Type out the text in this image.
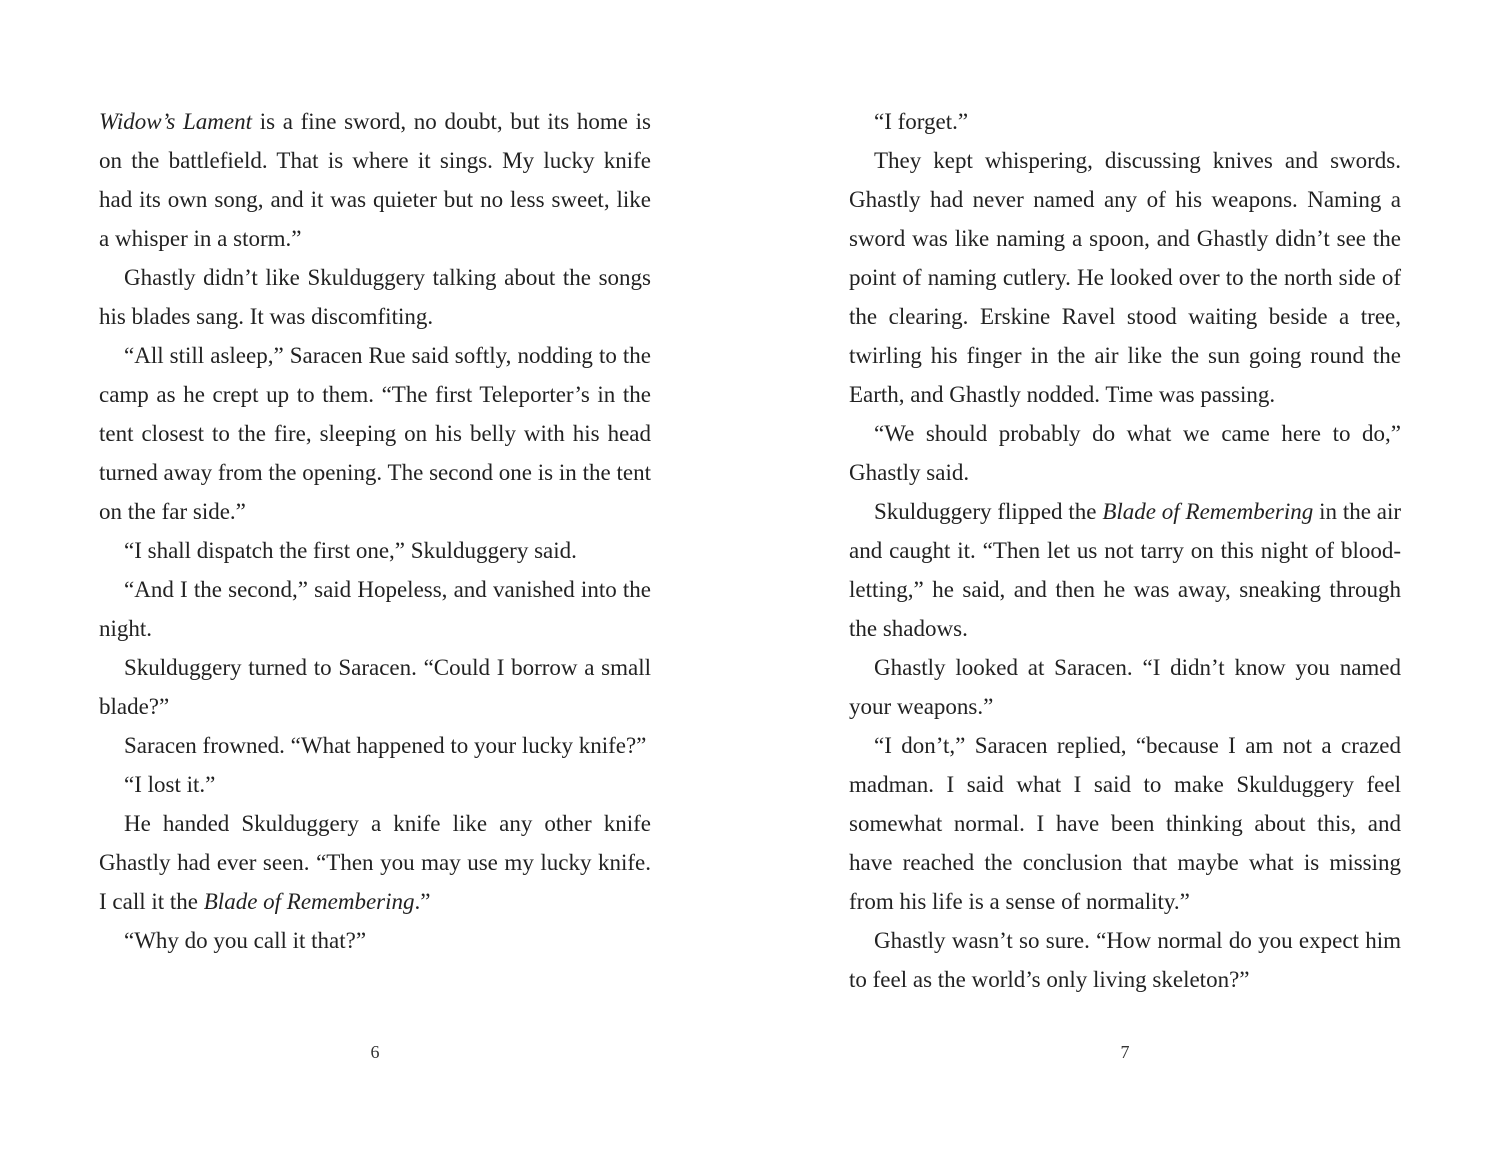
Widow’s Lament is a fine sword, no doubt, but its home is on the battlefield. That is where it sings. My lucky knife had its own song, and it was quieter but no less sweet, like a whisper in a storm.”

Ghastly didn’t like Skulduggery talking about the songs his blades sang. It was discomfiting.

“All still asleep,” Saracen Rue said softly, nodding to the camp as he crept up to them. “The first Teleporter’s in the tent closest to the fire, sleeping on his belly with his head turned away from the opening. The second one is in the tent on the far side.”

“I shall dispatch the first one,” Skulduggery said.

“And I the second,” said Hopeless, and vanished into the night.

Skulduggery turned to Saracen. “Could I borrow a small blade?”

Saracen frowned. “What happened to your lucky knife?”

“I lost it.”

He handed Skulduggery a knife like any other knife Ghastly had ever seen. “Then you may use my lucky knife. I call it the Blade of Remembering.”

“Why do you call it that?”

6

“I forget.”

They kept whispering, discussing knives and swords. Ghastly had never named any of his weapons. Naming a sword was like naming a spoon, and Ghastly didn’t see the point of naming cutlery. He looked over to the north side of the clearing. Erskine Ravel stood waiting beside a tree, twirling his finger in the air like the sun going round the Earth, and Ghastly nodded. Time was passing.

“We should probably do what we came here to do,” Ghastly said.

Skulduggery flipped the Blade of Remembering in the air and caught it. “Then let us not tarry on this night of blood-letting,” he said, and then he was away, sneaking through the shadows.

Ghastly looked at Saracen. “I didn’t know you named your weapons.”

“I don’t,” Saracen replied, “because I am not a crazed madman. I said what I said to make Skulduggery feel somewhat normal. I have been thinking about this, and have reached the conclusion that maybe what is missing from his life is a sense of normality.”

Ghastly wasn’t so sure. “How normal do you expect him to feel as the world’s only living skeleton?”

7
